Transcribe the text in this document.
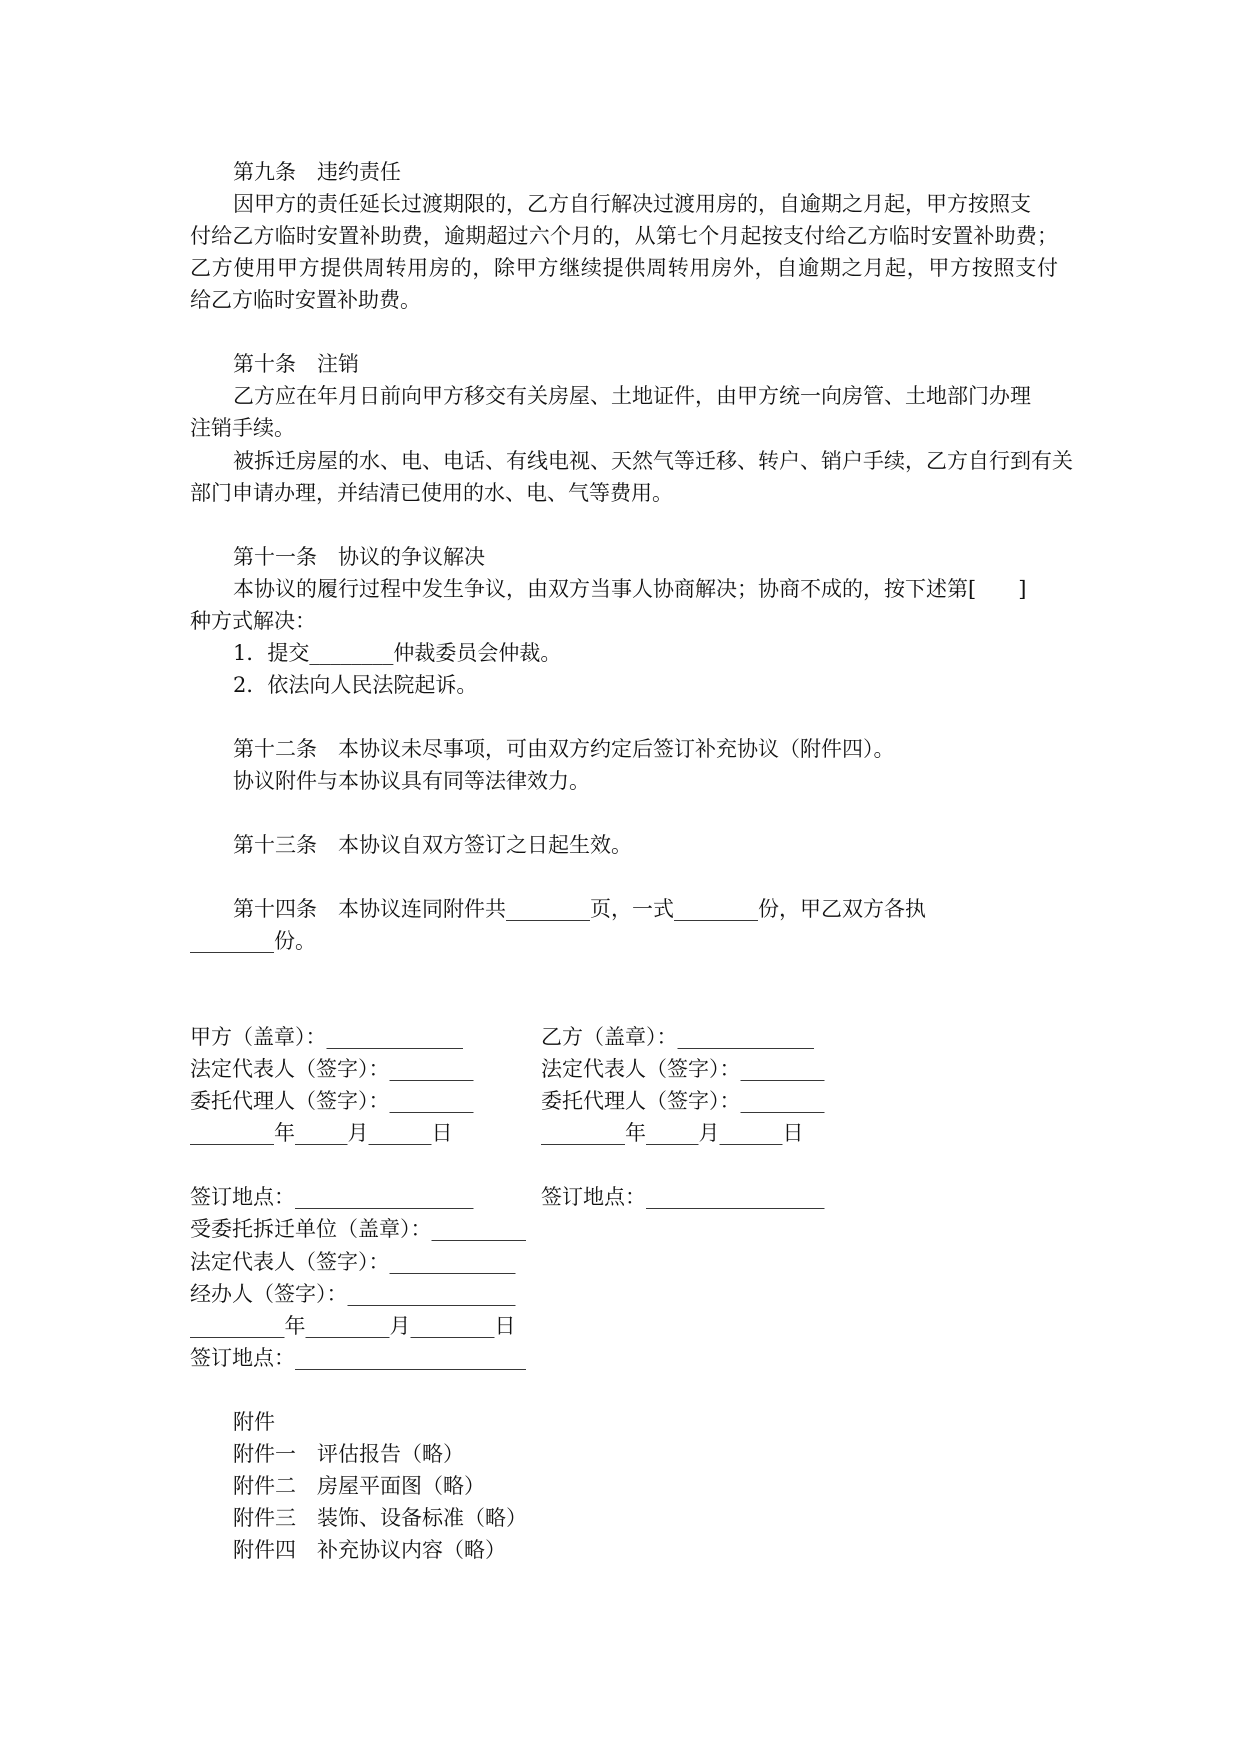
第九条　违约责任
因甲方的责任延长过渡期限的，乙方自行解决过渡用房的，自逾期之月起，甲方按照支
付给乙方临时安置补助费，逾期超过六个月的，从第七个月起按支付给乙方临时安置补助费；
乙方使用甲方提供周转用房的，除甲方继续提供周转用房外，自逾期之月起，甲方按照支付
给乙方临时安置补助费。
第十条　注销
乙方应在年月日前向甲方移交有关房屋、土地证件，由甲方统一向房管、土地部门办理
注销手续。
被拆迁房屋的水、电、电话、有线电视、天然气等迁移、转户、销户手续，乙方自行到有关
部门申请办理，并结清已使用的水、电、气等费用。
第十一条　协议的争议解决
本协议的履行过程中发生争议，由双方当事人协商解决；协商不成的，按下述第[　　]
种方式解决：
1．提交________仲裁委员会仲裁。
2．依法向人民法院起诉。
第十二条　本协议未尽事项，可由双方约定后签订补充协议（附件四）。
协议附件与本协议具有同等法律效力。
第十三条　本协议自双方签订之日起生效。
第十四条　本协议连同附件共________页，一式________份，甲乙双方各执
________份。
甲方（盖章）：_____________	乙方（盖章）：_____________
法定代表人（签字）：________	法定代表人（签字）：________
委托代理人（签字）：________	委托代理人（签字）：________
________年_____月______日	________年_____月______日
签订地点：_________________	签订地点：_________________
受委托拆迁单位（盖章）：_________
法定代表人（签字）：____________
经办人（签字）：________________
_________年________月________日
签订地点：______________________
附件
附件一　评估报告（略）
附件二　房屋平面图（略）
附件三　装饰、设备标准（略）
附件四　补充协议内容（略）
